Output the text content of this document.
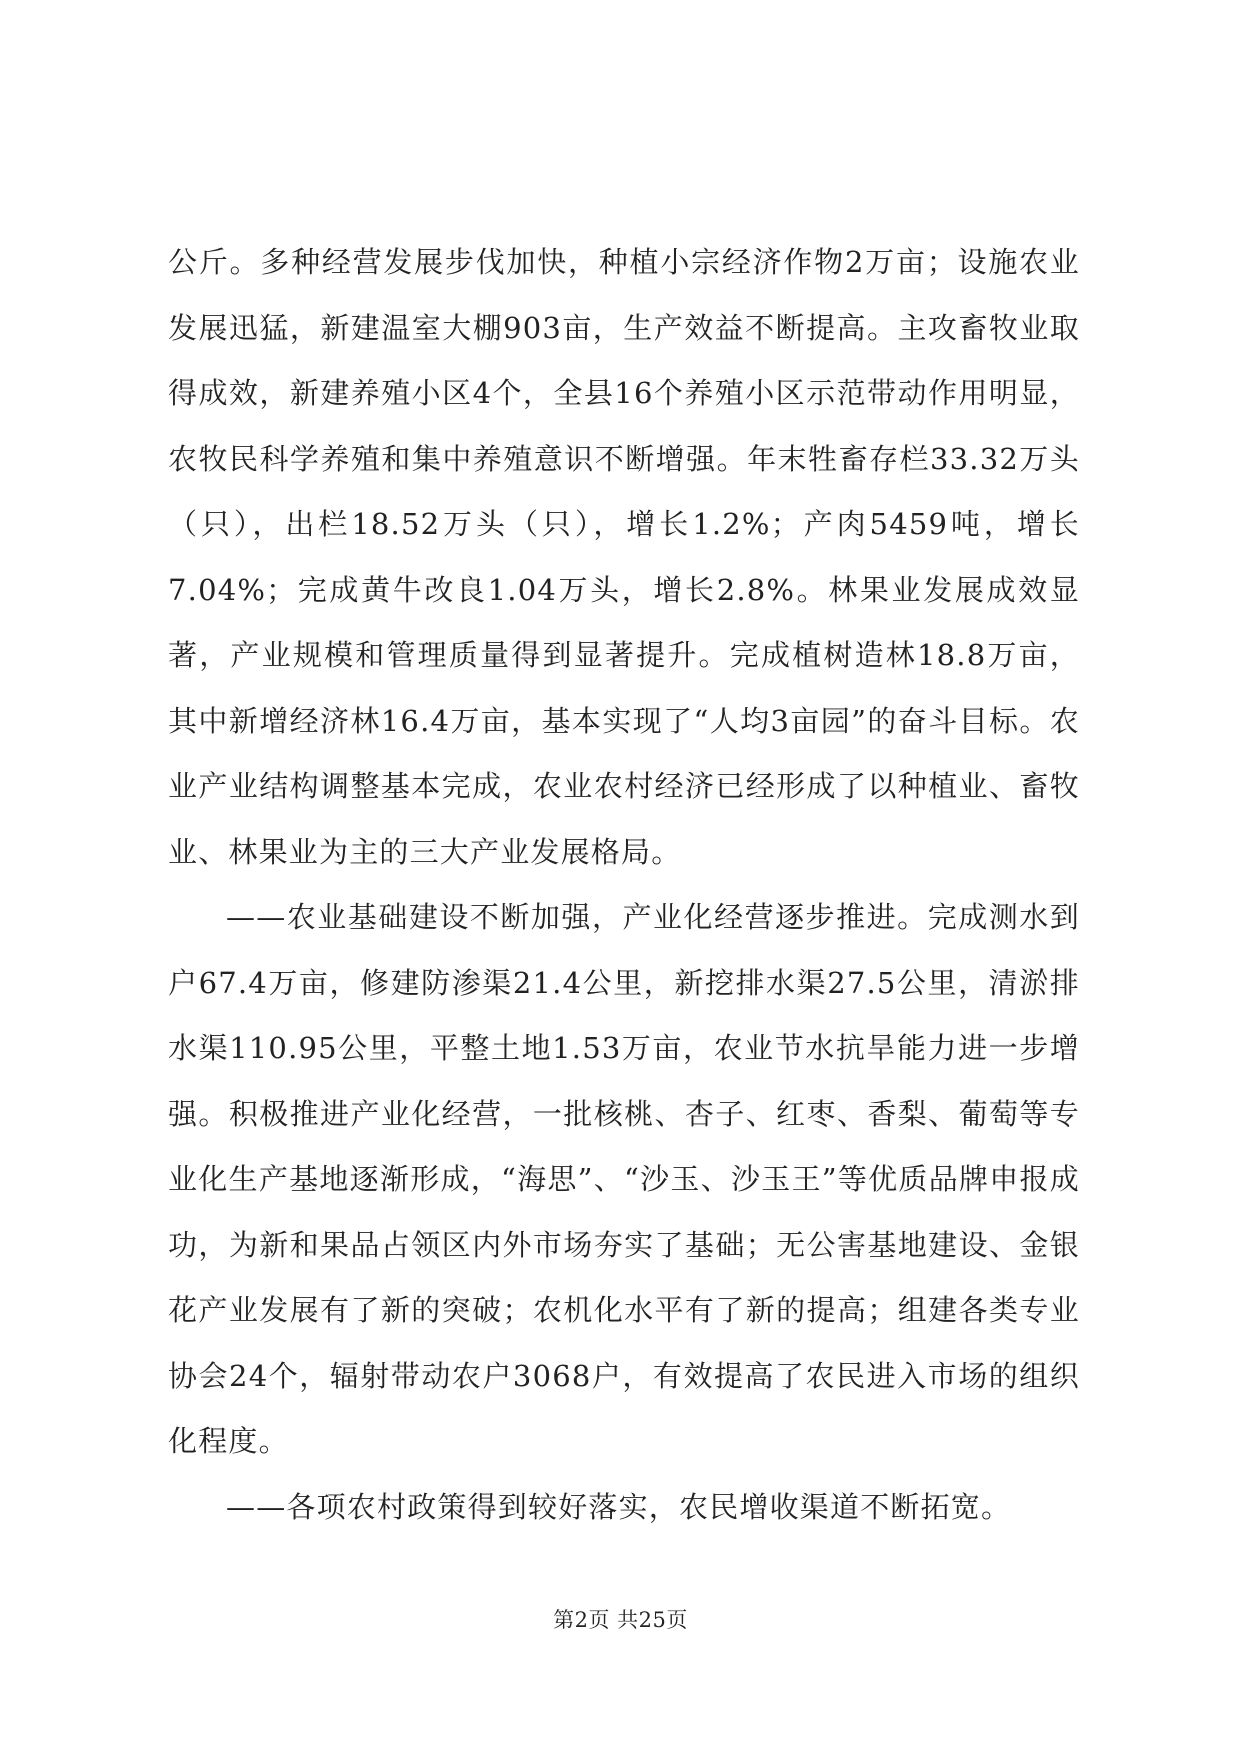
公斤。多种经营发展步伐加快，种植小宗经济作物2万亩；设施农业发展迅猛，新建温室大棚903亩，生产效益不断提高。主攻畜牧业取得成效，新建养殖小区4个，全县16个养殖小区示范带动作用明显，农牧民科学养殖和集中养殖意识不断增强。年末牲畜存栏33.32万头（只），出栏18.52万头（只），增长1.2%；产肉5459吨，增长7.04%；完成黄牛改良1.04万头，增长2.8%。林果业发展成效显著，产业规模和管理质量得到显著提升。完成植树造林18.8万亩，其中新增经济林16.4万亩，基本实现了“人均3亩园”的奋斗目标。农业产业结构调整基本完成，农业农村经济已经形成了以种植业、畜牧业、林果业为主的三大产业发展格局。

——农业基础建设不断加强，产业化经营逐步推进。完成测水到户67.4万亩，修建防渗渠21.4公里，新挖排水渠27.5公里，清淤排水渠110.95公里，平整土地1.53万亩，农业节水抗旱能力进一步增强。积极推进产业化经营，一批核桃、杏子、红枣、香梨、葡萄等专业化生产基地逐渐形成，“海思”、“沙玉、沙玉王”等优质品牌申报成功，为新和果品占领区内外市场夯实了基础；无公害基地建设、金银花产业发展有了新的突破；农机化水平有了新的提高；组建各类专业协会24个，辐射带动农户3068户，有效提高了农民进入市场的组织化程度。

——各项农村政策得到较好落实，农民增收渠道不断拓宽。

第2页 共25页
